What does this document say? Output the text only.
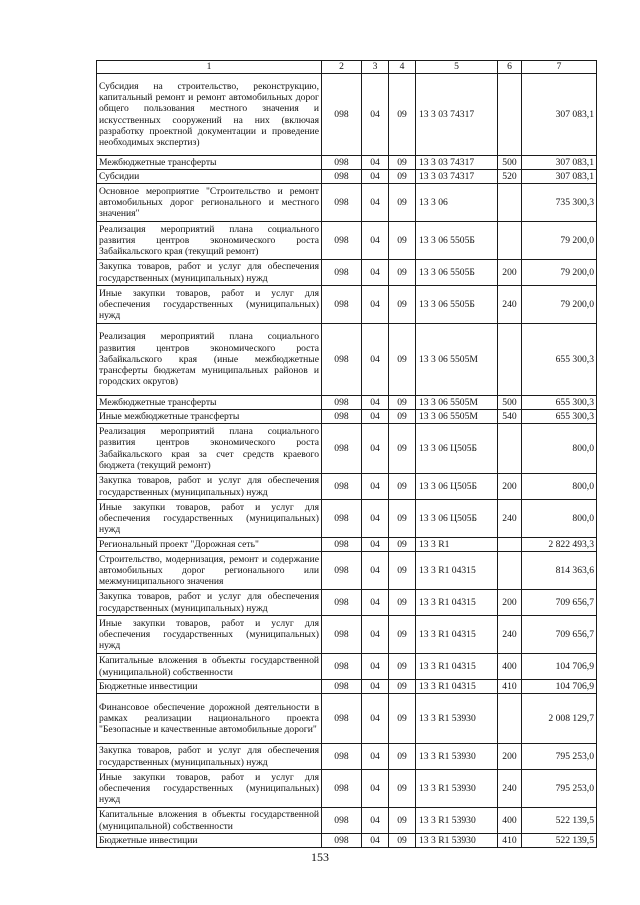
1	2	3	4	5	6	7
Субсидия на строительство, реконструкцию, капитальный ремонт и ремонт автомобильных дорог общего пользования местного значения и искусственных сооружений на них (включая разработку проектной документации и проведение необходимых экспертиз)	098	04	09	13 3 03 74317		307 083,1
Межбюджетные трансферты	098	04	09	13 3 03 74317	500	307 083,1
Субсидии	098	04	09	13 3 03 74317	520	307 083,1
Основное мероприятие "Строительство и ремонт автомобильных дорог регионального и местного значения"	098	04	09	13 3 06		735 300,3
Реализация мероприятий плана социального развития центров экономического роста Забайкальского края (текущий ремонт)	098	04	09	13 3 06 5505Б		79 200,0
Закупка товаров, работ и услуг для обеспечения государственных (муниципальных) нужд	098	04	09	13 3 06 5505Б	200	79 200,0
Иные закупки товаров, работ и услуг для обеспечения государственных (муниципальных) нужд	098	04	09	13 3 06 5505Б	240	79 200,0
Реализация мероприятий плана социального развития центров экономического роста Забайкальского края (иные межбюджетные трансферты бюджетам муниципальных районов и городских округов)	098	04	09	13 3 06 5505М		655 300,3
Межбюджетные трансферты	098	04	09	13 3 06 5505М	500	655 300,3
Иные межбюджетные трансферты	098	04	09	13 3 06 5505М	540	655 300,3
Реализация мероприятий плана социального развития центров экономического роста Забайкальского края за счет средств краевого бюджета (текущий ремонт)	098	04	09	13 3 06 Ц505Б		800,0
Закупка товаров, работ и услуг для обеспечения государственных (муниципальных) нужд	098	04	09	13 3 06 Ц505Б	200	800,0
Иные закупки товаров, работ и услуг для обеспечения государственных (муниципальных) нужд	098	04	09	13 3 06 Ц505Б	240	800,0
Региональный проект "Дорожная сеть"	098	04	09	13 3 R1		2 822 493,3
Строительство, модернизация, ремонт и содержание автомобильных дорог регионального или межмуниципального значения	098	04	09	13 3 R1 04315		814 363,6
Закупка товаров, работ и услуг для обеспечения государственных (муниципальных) нужд	098	04	09	13 3 R1 04315	200	709 656,7
Иные закупки товаров, работ и услуг для обеспечения государственных (муниципальных) нужд	098	04	09	13 3 R1 04315	240	709 656,7
Капитальные вложения в объекты государственной (муниципальной) собственности	098	04	09	13 3 R1 04315	400	104 706,9
Бюджетные инвестиции	098	04	09	13 3 R1 04315	410	104 706,9
Финансовое обеспечение дорожной деятельности в рамках реализации национального проекта "Безопасные и качественные автомобильные дороги"	098	04	09	13 3 R1 53930		2 008 129,7
Закупка товаров, работ и услуг для обеспечения государственных (муниципальных) нужд	098	04	09	13 3 R1 53930	200	795 253,0
Иные закупки товаров, работ и услуг для обеспечения государственных (муниципальных) нужд	098	04	09	13 3 R1 53930	240	795 253,0
Капитальные вложения в объекты государственной (муниципальной) собственности	098	04	09	13 3 R1 53930	400	522 139,5
Бюджетные инвестиции	098	04	09	13 3 R1 53930	410	522 139,5
153
